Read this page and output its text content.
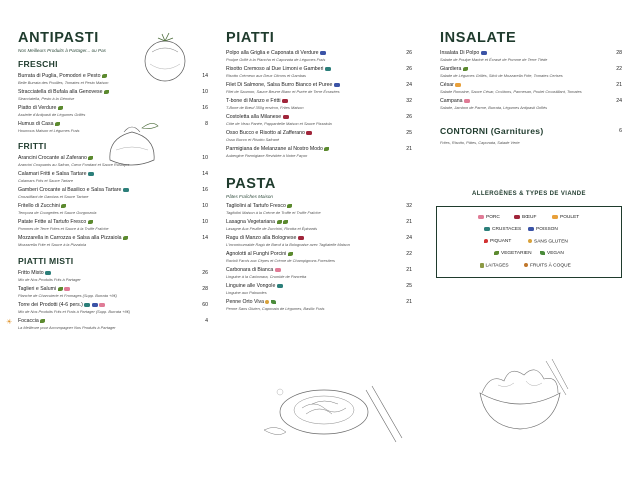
ANTIPASTI
Nos Meilleurs Produits à Partager... ou Pas
FRESCHI
Burrata di Puglia, Pomodori e Pesto
Belle Burrata des Pouilles, Tomates et Pesto Maison
14
Stracciatella di Bufala alla Genovese
Stracciatella, Pesto à la Génoise
10
Piatto di Verdure
Assiette d'Antipasti de Légumes Grillés
16
Humus di Casa
Houmous Maison et Légumes Frais
8
FRITTI
Arancini Crocante al Zaferano
Arancini Croquants au Safran, Cœur Fondant et Sauce Rustique
10
Calamari Fritti e Salsa Tartare
Calamars Frits et Sauce Tartare
14
Gamberi Crocante al Basilico e Salsa Tartare
Croustillant de Gambas et Sauce Tartare
16
Fritello di Zucchini
Tempura de Courgettes et Sauce Gorgonzola
10
Patate Fritte al Tartufo Fresco
Pommes de Terre Frites et Sauce à la Truffe Fraîche
10
Mozzarella in Carrozza e Salsa alla Pizzaiola
Mozzarella Frite et Sauce à la Pizzaiola
14
PIATTI MISTI
Fritto Misto
Mix de Nos Produits Frits à Partager
26
Taglieri e Salumi
Planche de Charcuterie et Fromages (Supp. Burrata +6€)
28
Torre dei Prodotti (4-6 pers.)
Mix de Nos Produits Frits et Frais à Partager (Supp. Burrata +6€)
60
☀ Focaccia
La Meilleure pour Accompagner Nos Produits à Partager
4
PIATTI
Polpo alla Griglia e Caponata di Verdure
Poulpe Grillé à la Plancha et Caponata de Légumes Frais
26
Risotto Cremoso al Due Limoni e Gamberi
Risotto Crémeux aux Deux Citrons et Gambas
26
Filet Di Salmone, Salsa Burro Bianco et Puree
Filet de Saumon, Sauce Beurre Blanc et Purée de Terre Écrasées
24
T-bone di Manzo e Fritti
T-Bone de Bœuf 350g environ, Frites Maison
32
Costoletta alla Milanese
Côte de Veau Panée, Pappardelle Maison et Sauce Pizzaiola
26
Osso Bucco e Risotto al Zafferano
Osso Bucco et Risotto Safrané
25
Parmigiana de Melanzane al Nostro Modo
Aubergine Parmigiane Revisitée à Notre Façon
21
PASTA
Pâtes Fraîches Maison
Tagliolini al Tartufo Fresco
Tagliolini Maison à la Crème de Truffe et Truffe Fraîche
32
Lasagna Vegetariana
Lasagne Aux Feuille de Zucchini, Ricotta et Épinards
21
Ragu di Manzo alla Bolognese
L'incontournable Ragù de Bœuf à la Bolognaise avec Tagliatelle Maison
24
Agnolotti al Funghi Porcini
Ravioli Farcis aux Cèpes et Crème de Champignons Forestiers
22
Carbonara di Bianca
Linguine à la Carbonara, Crumble de Pancetta
21
Linguine alle Vongole
Linguine aux Palourdes
25
Penne Orto Viva
Penne Sans Gluten, Caponata de Légumes, Basilic Frais
21
INSALATE
Insalata Di Polpo
Salade de Poulpe Mariné et Écrasé de Pomme de Terre Tiède
28
Giardiera
Salade de Légumes Grillés, Stick de Mozzarella Frite, Tomates Cerises
22
César
Salade Romaine, Sauce César, Croûtons, Parmesan, Poulet Croustillant, Tomates
21
Campana
Salade, Jambon de Parme, Burrata, Légumes Antipasti Grillés
24
CONTORNI (Garnitures)
Frites, Risotto, Pâtes, Caponata, Salade Verte
6
ALLERGÈNES & TYPES DE VIANDE
PORC	BŒUF	POULET
CRUSTACES	POISSON
PIQUANT	SANS GLUTEN
VEGETARIEN	VEGAN
LAITAGES	FRUITS À COQUE
